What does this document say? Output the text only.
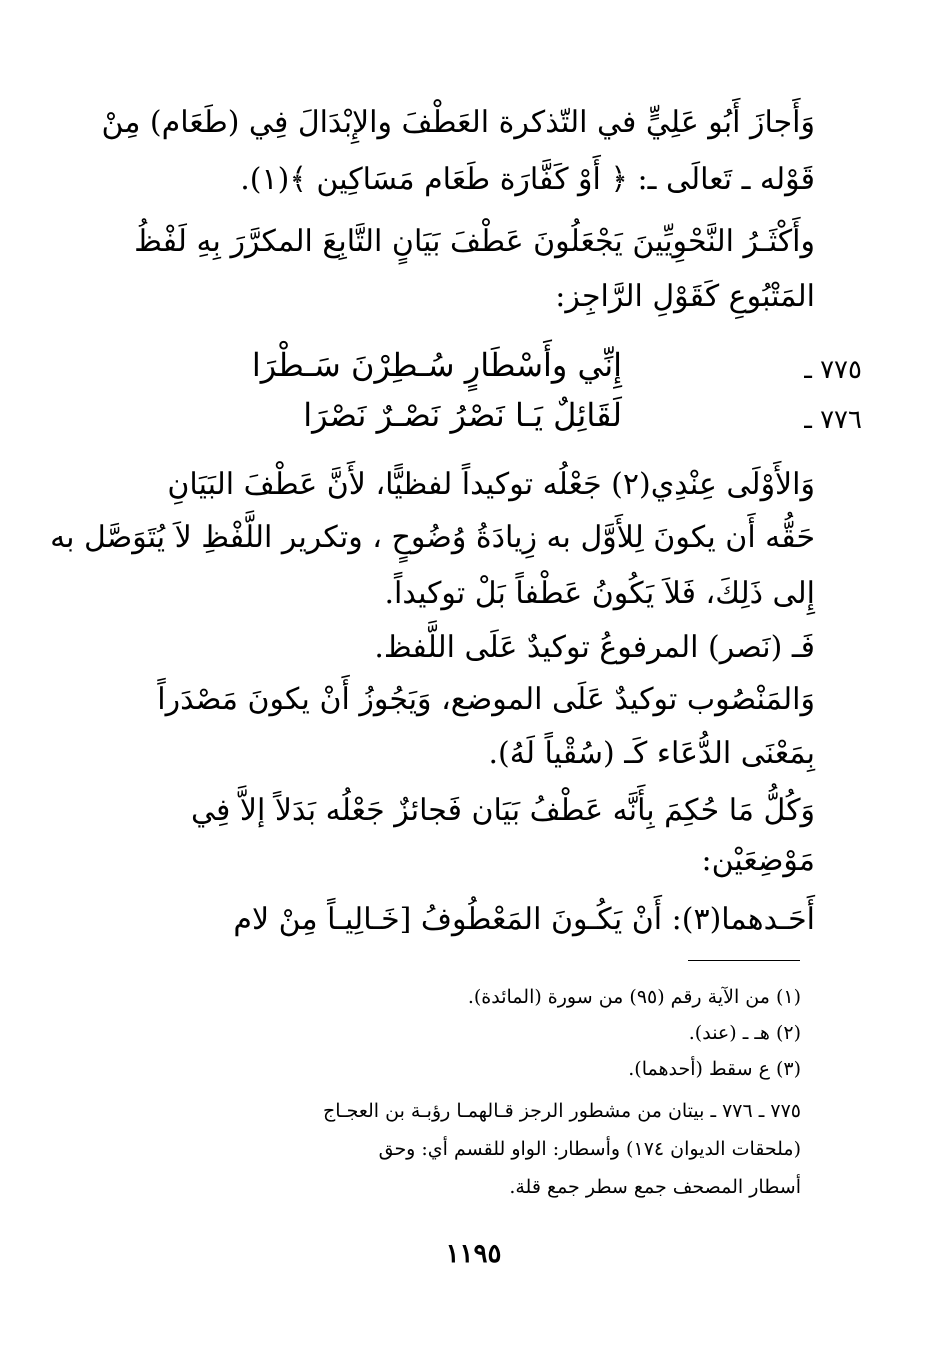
وَأَجازَ أَبُو عَلِيٍّ في التّذكرة العَطْفَ والإِبْدَالَ فِي (طَعَام) مِنْ
قَوْله ـ تَعالَى ـ: ﴿ أَوْ كَفَّارَة طَعَام مَسَاكِين ﴾(١).
وأَكْثَـرُ النَّحْوِيِّينَ يَجْعَلُونَ عَطْفَ بَيَانٍ التَّابِعَ المكرَّرَ بِهِ لَفْظُ
المَتْبُوعِ كَقَوْلِ الرَّاجِز:
٧٧٥ ـ
إِنِّي وأَسْطَارٍ سُـطِرْنَ سَـطْرَا
٧٧٦ ـ
لَقَائِلٌ يَـا نَصْرُ نَصْـرٌ نَصْرَا
وَالأَوْلَى عِنْدِي(٢) جَعْلُه توكيداً لفظيًّا، لأَنَّ عَطْفَ البَيَانِ
حَقُّه أَن يكونَ لِلأَوَّل به زِيادَةُ وُضُوحٍ ، وتكرير اللَّفْظِ لاَ يُتَوَصَّل به
إِلى ذَلِكَ، فَلاَ يَكُونُ عَطْفاً بَلْ توكيداً.
فَـ (نَصر) المرفوعُ توكيدٌ عَلَى اللَّفظ.
وَالمَنْصُوب توكيدٌ عَلَى الموضع، وَيَجُوزُ أَنْ يكونَ مَصْدَراً
بِمَعْنَى الدُّعَاء كَـ (سُقْياً لَهُ).
وَكُلُّ مَا حُكِمَ بِأَنَّه عَطْفُ بَيَان فَجائزٌ جَعْلُه بَدَلاً إلاَّ فِي
مَوْضِعَيْن:
أَحَـدهما(٣): أَنْ يَكُـونَ المَعْطُوفُ [خَـالِيـاً مِنْ لام
(١) من الآية رقم (٩٥) من سورة (المائدة).
(٢) هـ ـ (عند).
(٣) ع سقط (أحدهما).
٧٧٥ ـ ٧٧٦ ـ بيتان من مشطور الرجز قـالهمـا رؤبـة بن العجـاج
(ملحقات الديوان ١٧٤) وأسطار: الواو للقسم أي: وحق
أسطار المصحف جمع سطر جمع قلة.
١١٩٥
